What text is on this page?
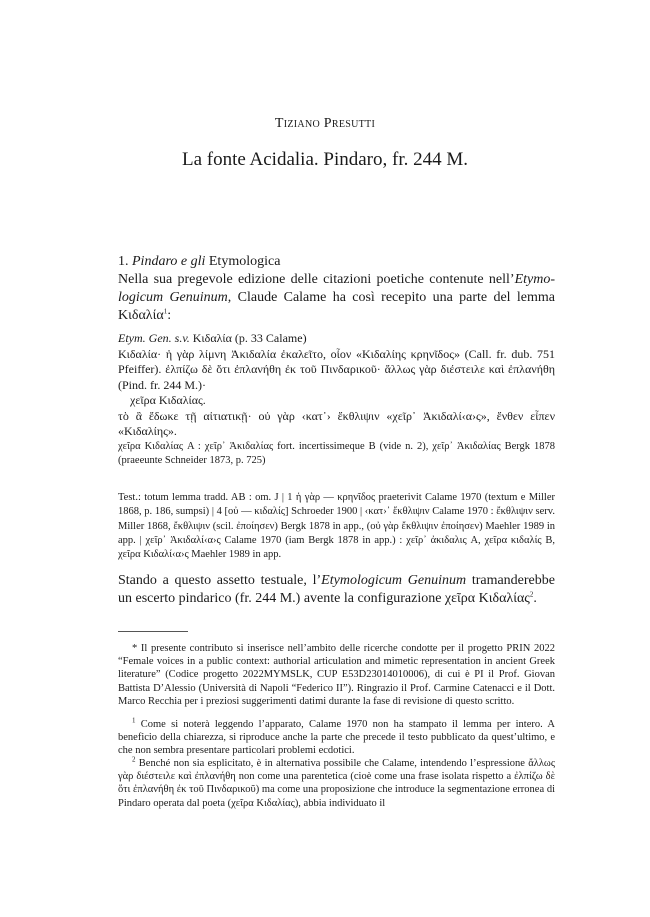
Tiziano Presutti
La fonte Acidalia. Pindaro, fr. 244 M.
1. Pindaro e gli Etymologica
Nella sua pregevole edizione delle citazioni poetiche contenute nell’Etymologicum Genuinum, Claude Calame ha così recepito una parte del lemma Κιδαλία$^1$:

Etym. Gen. s.v. Κιδαλία (p. 33 Calame)

Κιδαλία· ἡ γὰρ λίμνη Ἀκιδαλία ἐκαλεῖτο, οἷον «Κιδαλίης κρηνῖδος» (Call. fr. dub. 751 Pfeiffer). ἐλπίζω δὲ ὅτι ἐπλανήθη ἐκ τοῦ Πινδαρικοῦ· ἄλλως γὰρ διέστειλε καὶ ἐπλανήθη (Pind. fr. 244 M.)·

χεῖρα Κιδαλίας.

τὸ ἃ ἔδωκε τῇ αἰτιατικῇ· οὐ γὰρ ‹κατ᾽› ἔκθλιψιν «χεῖρ᾽ Ἀκιδαλί‹α›ς», ἔνθεν εἶπεν «Κιδαλίης».

χεῖρα Κιδαλίας A : χεῖρ᾽ Ἀκιδαλίας fort. incertissimeque B (vide n. 2), χεῖρ᾽ Ἀκιδαλίας Bergk 1878 (praeeunte Schneider 1873, p. 725)
Test.: totum lemma tradd. AB : om. J | 1 ἡ γὰρ — κρηνῖδος praeterivit Calame 1970 (textum e Miller 1868, p. 186, sumpsi) | 4 [οὐ — κιδαλίς] Schroeder 1900 | ‹κατ›᾽ ἔκθλιψιν Calame 1970 : ἔκθλιψιν serv. Miller 1868, ἔκθλιψιν (scil. ἐποίησεν) Bergk 1878 in app., (οὐ γὰρ ἔκθλιψιν ἐποίησεν) Maehler 1989 in app. | χεῖρ᾽ Ἀκιδαλί‹α›ς Calame 1970 (iam Bergk 1878 in app.) : χεῖρ᾽ ἀκιδαλις A, χεῖρα κιδαλίς B, χεῖρα Κιδαλί‹α›ς Maehler 1989 in app.
Stando a questo assetto testuale, l’Etymologicum Genuinum tramanderebbe un escerto pindarico (fr. 244 M.) avente la configurazione χεῖρα Κιδαλίας$^2$.
* Il presente contributo si inserisce nell’ambito delle ricerche condotte per il progetto PRIN 2022 “Female voices in a public context: authorial articulation and mimetic representation in ancient Greek literature” (Codice progetto 2022MYMSLK, CUP E53D23014010006), di cui è PI il Prof. Giovan Battista D’Alessio (Università di Napoli “Federico II”). Ringrazio il Prof. Carmine Catenacci e il Dott. Marco Recchia per i preziosi suggerimenti datimi durante la fase di revisione di questo scritto.
$^1$ Come si noterà leggendo l’apparato, Calame 1970 non ha stampato il lemma per intero. A beneficio della chiarezza, si riproduce anche la parte che precede il testo pubblicato da quest’ultimo, e che non sembra presentare particolari problemi ecdotici.
$^2$ Benché non sia esplicitato, è in alternativa possibile che Calame, intendendo l’espressione ἄλλως γὰρ διέστειλε καὶ ἐπλανήθη non come una parentetica (cioè come una frase isolata rispetto a ἐλπίζω δὲ ὅτι ἐπλανήθη ἐκ τοῦ Πινδαρικοῦ) ma come una proposizione che introduce la segmentazione erronea di Pindaro operata dal poeta (χεῖρα Κιδαλίας), abbia individuato il
